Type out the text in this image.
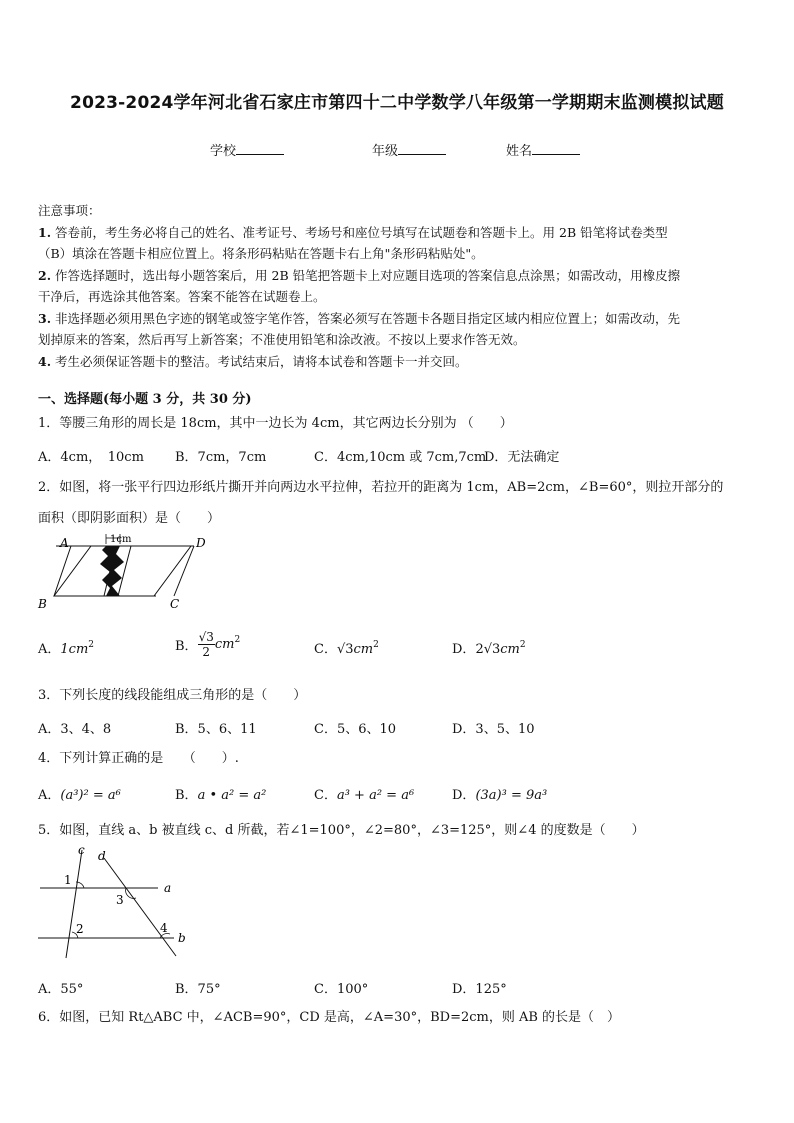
2023-2024学年河北省石家庄市第四十二中学数学八年级第一学期期末监测模拟试题
学校	年级	姓名

注意事项：

1. 答卷前，考生务必将自己的姓名、准考证号、考场号和座位号填写在试题卷和答题卡上。用 2B 铅笔将试卷类型

（B）填涂在答题卡相应位置上。将条形码粘贴在答题卡右上角"条形码粘贴处"。

2. 作答选择题时，选出每小题答案后，用 2B 铅笔把答题卡上对应题目选项的答案信息点涂黑；如需改动，用橡皮擦

干净后，再选涂其他答案。答案不能答在试题卷上。

3. 非选择题必须用黑色字迹的钢笔或签字笔作答，答案必须写在答题卡各题目指定区域内相应位置上；如需改动，先

划掉原来的答案，然后再写上新答案；不准使用铅笔和涂改液。不按以上要求作答无效。

4. 考生必须保证答题卡的整洁。考试结束后，请将本试卷和答题卡一并交回。

一、选择题(每小题 3 分，共 30 分)
1．等腰三角形的周长是 18cm，其中一边长为 4cm，其它两边长分别为 （　　）
A．4cm，　10cm B．7cm，7cm	C．4cm,10cm 或 7cm,7cm
D．无法确定
2．如图，将一张平行四边形纸片撕开并向两边水平拉伸，若拉开的距离为 1cm，AB=2cm，∠B=60°，则拉开部分的
面积（即阴影面积）是（　　）
1cm
A	D
B	C
A．$1cm^2$	B． $\frac{√3}{2} cm^2$
C．$√3cm^2$	D．$2√3cm^2$
3．下列长度的线段能组成三角形的是（　　）
A．3、4、8	B．5、6、11	C．5、6、10	D．3、5、10
4．下列计算正确的是　　（　　）.
A．(a³)² = a⁶	B．a • a² = a²	C．a³ + a² = a⁶	D．(3a)³ = 9a³
5．如图，直线 a、b 被直线 c、d 所截，若∠1=100°，∠2=80°，∠3=125°，则∠4 的度数是（　　）
c d
a
b
1
2
3
4
A．55°	B．75°	C．100°	D．125°
6．如图，已知 Rt△ABC 中，∠ACB=90°，CD 是高，∠A=30°，BD=2cm，则 AB 的长是（　）
